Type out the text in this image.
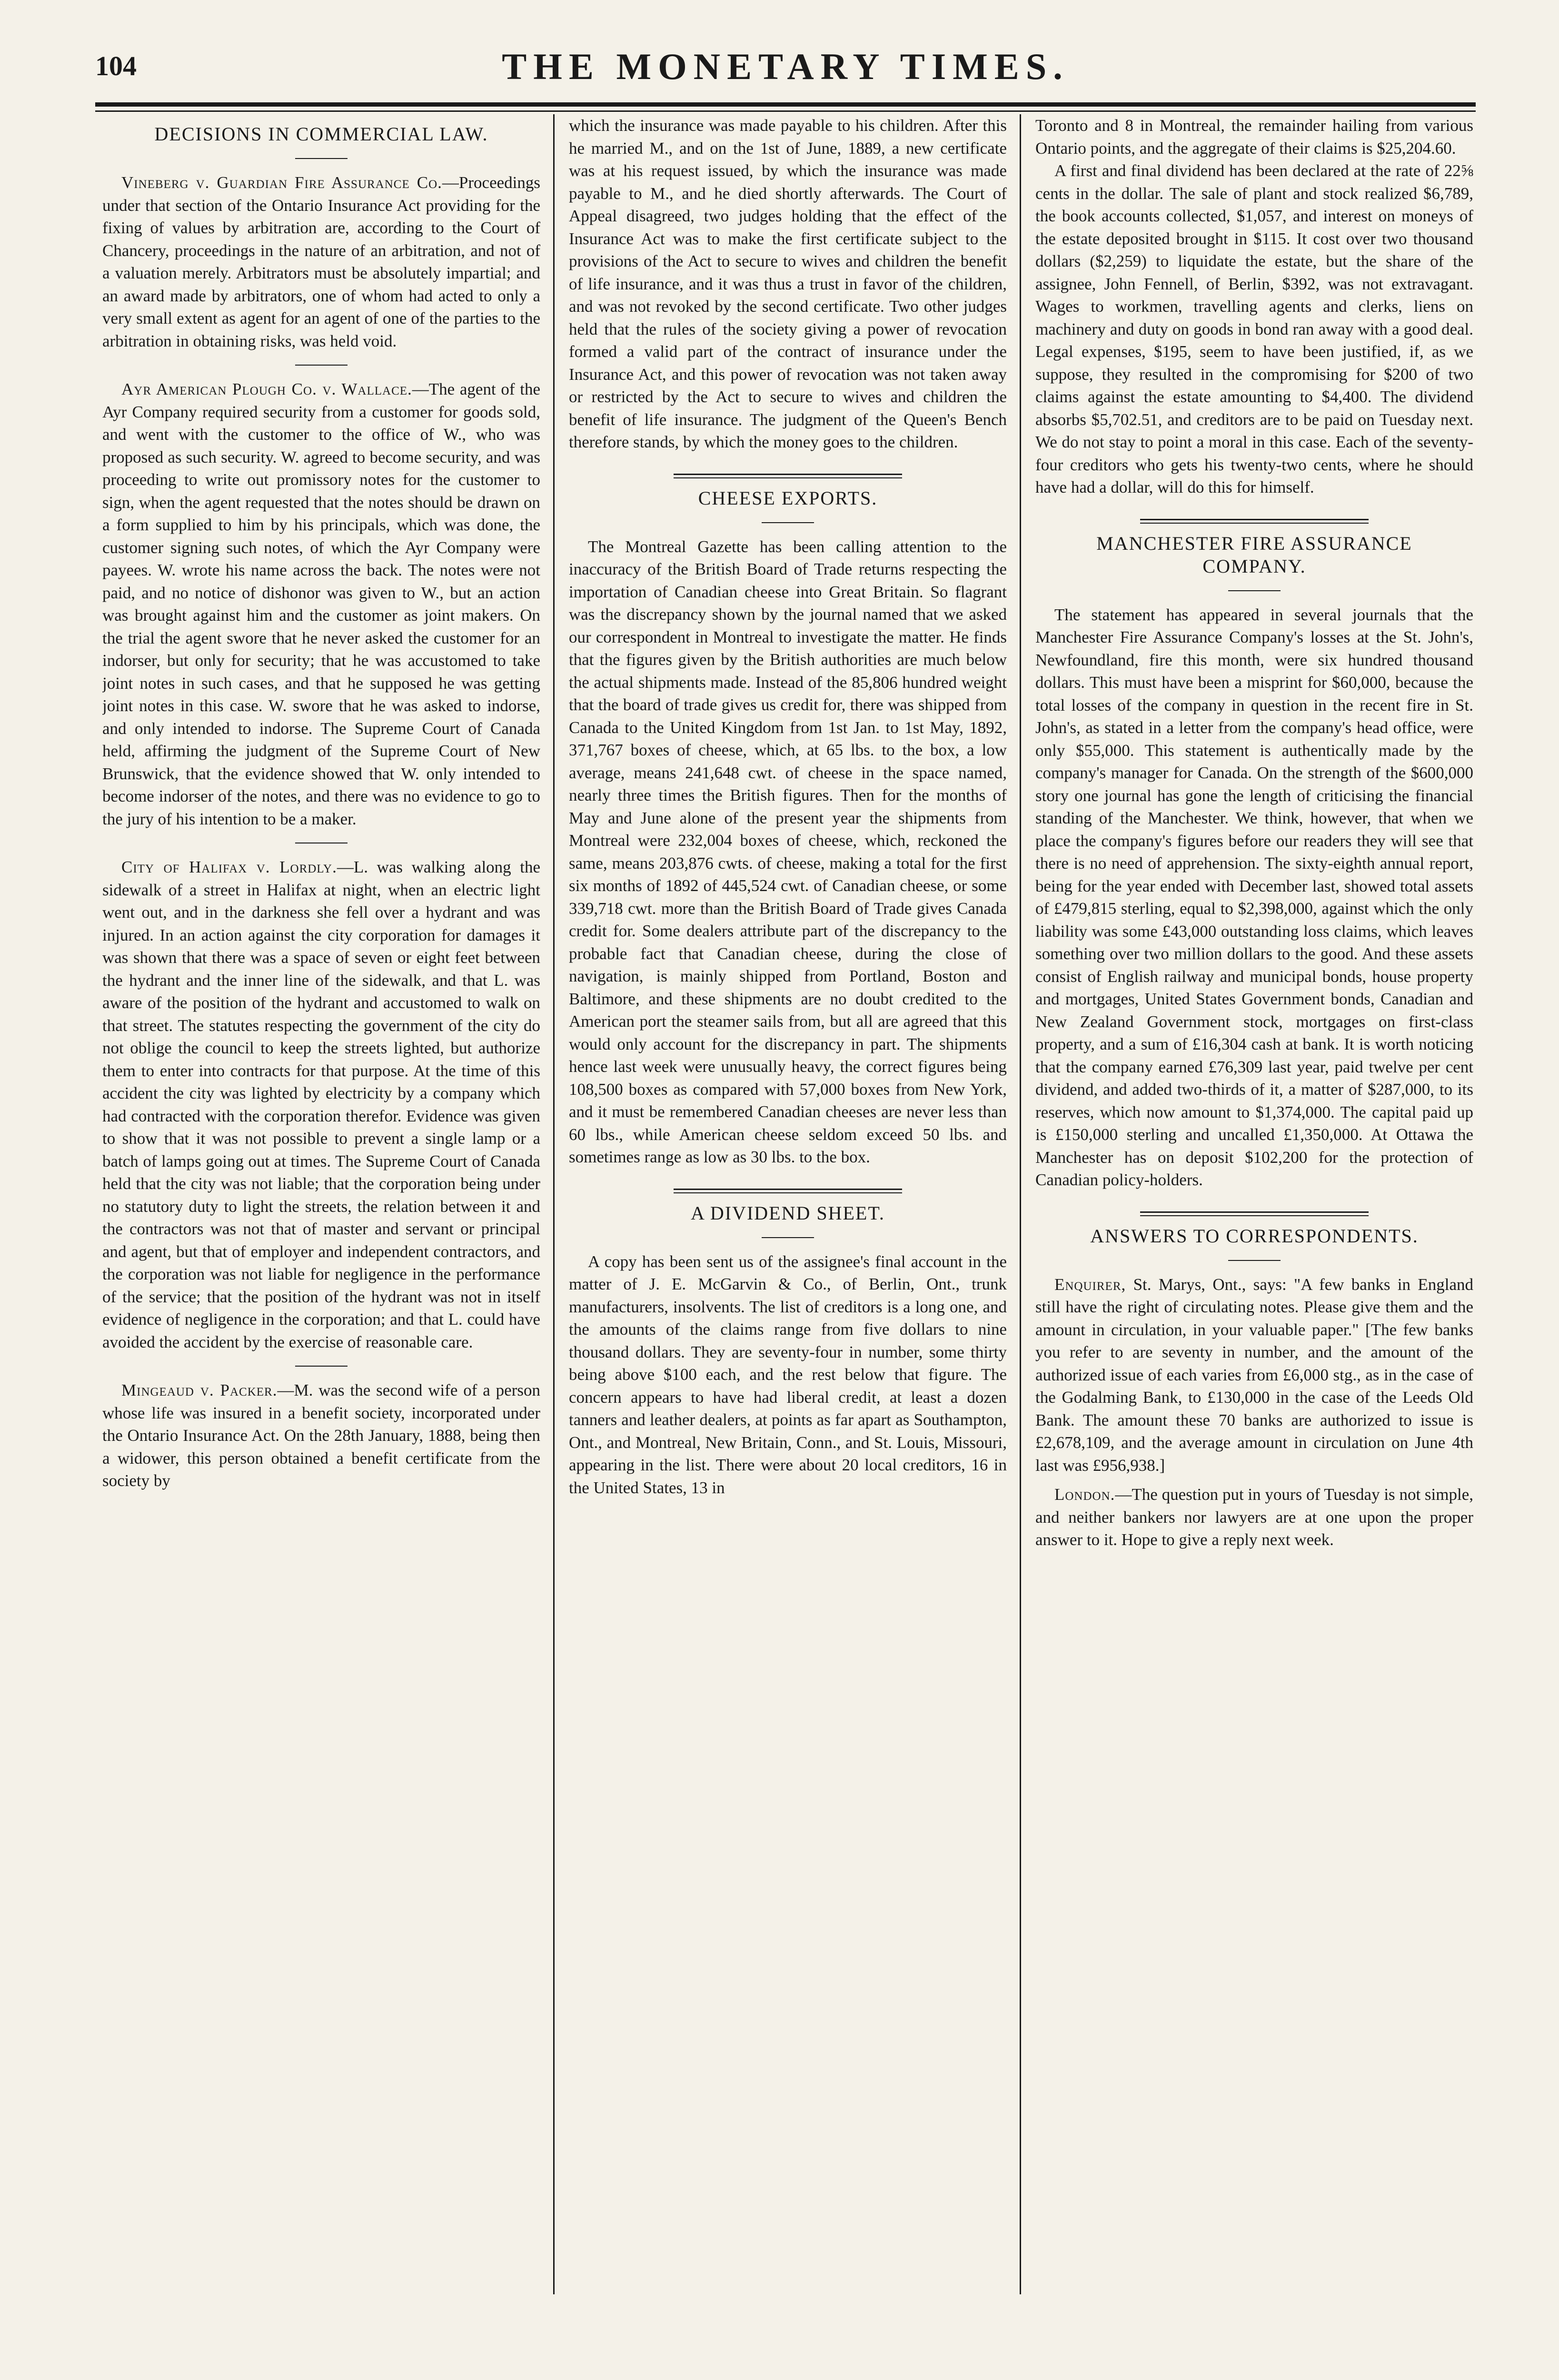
104	THE MONETARY TIMES.
DECISIONS IN COMMERCIAL LAW.

Vineberg v. Guardian Fire Assurance Co.—Proceedings under that section of the Ontario Insurance Act providing for the fixing of values by arbitration are, according to the Court of Chancery, proceedings in the nature of an arbitration, and not of a valuation merely. Arbitrators must be absolutely impartial; and an award made by arbitrators, one of whom had acted to only a very small extent as agent for an agent of one of the parties to the arbitration in obtaining risks, was held void.

Ayr American Plough Co. v. Wallace.—The agent of the Ayr Company required security from a customer for goods sold, and went with the customer to the office of W., who was proposed as such security. W. agreed to become security, and was proceeding to write out promissory notes for the customer to sign, when the agent requested that the notes should be drawn on a form supplied to him by his principals, which was done, the customer signing such notes, of which the Ayr Company were payees. W. wrote his name across the back. The notes were not paid, and no notice of dishonor was given to W., but an action was brought against him and the customer as joint makers. On the trial the agent swore that he never asked the customer for an indorser, but only for security; that he was accustomed to take joint notes in such cases, and that he supposed he was getting joint notes in this case. W. swore that he was asked to indorse, and only intended to indorse. The Supreme Court of Canada held, affirming the judgment of the Supreme Court of New Brunswick, that the evidence showed that W. only intended to become indorser of the notes, and there was no evidence to go to the jury of his intention to be a maker.

City of Halifax v. Lordly.—L. was walking along the sidewalk of a street in Halifax at night, when an electric light went out, and in the darkness she fell over a hydrant and was injured. In an action against the city corporation for damages it was shown that there was a space of seven or eight feet between the hydrant and the inner line of the sidewalk, and that L. was aware of the position of the hydrant and accustomed to walk on that street. The statutes respecting the government of the city do not oblige the council to keep the streets lighted, but authorize them to enter into contracts for that purpose. At the time of this accident the city was lighted by electricity by a company which had contracted with the corporation therefor. Evidence was given to show that it was not possible to prevent a single lamp or a batch of lamps going out at times. The Supreme Court of Canada held that the city was not liable; that the corporation being under no statutory duty to light the streets, the relation between it and the contractors was not that of master and servant or principal and agent, but that of employer and independent contractors, and the corporation was not liable for negligence in the performance of the service; that the position of the hydrant was not in itself evidence of negligence in the corporation; and that L. could have avoided the accident by the exercise of reasonable care.

Mingeaud v. Packer.—M. was the second wife of a person whose life was insured in a benefit society, incorporated under the Ontario Insurance Act. On the 28th January, 1888, being then a widower, this person obtained a benefit certificate from the society by

which the insurance was made payable to his children. After this he married M., and on the 1st of June, 1889, a new certificate was at his request issued, by which the insurance was made payable to M., and he died shortly afterwards. The Court of Appeal disagreed, two judges holding that the effect of the Insurance Act was to make the first certificate subject to the provisions of the Act to secure to wives and children the benefit of life insurance, and it was thus a trust in favor of the children, and was not revoked by the second certificate. Two other judges held that the rules of the society giving a power of revocation formed a valid part of the contract of insurance under the Insurance Act, and this power of revocation was not taken away or restricted by the Act to secure to wives and children the benefit of life insurance. The judgment of the Queen's Bench therefore stands, by which the money goes to the children.

CHEESE EXPORTS.

The Montreal Gazette has been calling attention to the inaccuracy of the British Board of Trade returns respecting the importation of Canadian cheese into Great Britain. So flagrant was the discrepancy shown by the journal named that we asked our correspondent in Montreal to investigate the matter. He finds that the figures given by the British authorities are much below the actual shipments made. Instead of the 85,806 hundred weight that the board of trade gives us credit for, there was shipped from Canada to the United Kingdom from 1st Jan. to 1st May, 1892, 371,767 boxes of cheese, which, at 65 lbs. to the box, a low average, means 241,648 cwt. of cheese in the space named, nearly three times the British figures. Then for the months of May and June alone of the present year the shipments from Montreal were 232,004 boxes of cheese, which, reckoned the same, means 203,876 cwts. of cheese, making a total for the first six months of 1892 of 445,524 cwt. of Canadian cheese, or some 339,718 cwt. more than the British Board of Trade gives Canada credit for. Some dealers attribute part of the discrepancy to the probable fact that Canadian cheese, during the close of navigation, is mainly shipped from Portland, Boston and Baltimore, and these shipments are no doubt credited to the American port the steamer sails from, but all are agreed that this would only account for the discrepancy in part. The shipments hence last week were unusually heavy, the correct figures being 108,500 boxes as compared with 57,000 boxes from New York, and it must be remembered Canadian cheeses are never less than 60 lbs., while American cheese seldom exceed 50 lbs. and sometimes range as low as 30 lbs. to the box.

A DIVIDEND SHEET.

A copy has been sent us of the assignee's final account in the matter of J. E. McGarvin & Co., of Berlin, Ont., trunk manufacturers, insolvents. The list of creditors is a long one, and the amounts of the claims range from five dollars to nine thousand dollars. They are seventy-four in number, some thirty being above $100 each, and the rest below that figure. The concern appears to have had liberal credit, at least a dozen tanners and leather dealers, at points as far apart as Southampton, Ont., and Montreal, New Britain, Conn., and St. Louis, Missouri, appearing in the list. There were about 20 local creditors, 16 in the United States, 13 in

Toronto and 8 in Montreal, the remainder hailing from various Ontario points, and the aggregate of their claims is $25,204.60.

A first and final dividend has been declared at the rate of 22⅝ cents in the dollar. The sale of plant and stock realized $6,789, the book accounts collected, $1,057, and interest on moneys of the estate deposited brought in $115. It cost over two thousand dollars ($2,259) to liquidate the estate, but the share of the assignee, John Fennell, of Berlin, $392, was not extravagant. Wages to workmen, travelling agents and clerks, liens on machinery and duty on goods in bond ran away with a good deal. Legal expenses, $195, seem to have been justified, if, as we suppose, they resulted in the compromising for $200 of two claims against the estate amounting to $4,400. The dividend absorbs $5,702.51, and creditors are to be paid on Tuesday next. We do not stay to point a moral in this case. Each of the seventy-four creditors who gets his twenty-two cents, where he should have had a dollar, will do this for himself.

MANCHESTER FIRE ASSURANCE
COMPANY.

The statement has appeared in several journals that the Manchester Fire Assurance Company's losses at the St. John's, Newfoundland, fire this month, were six hundred thousand dollars. This must have been a misprint for $60,000, because the total losses of the company in question in the recent fire in St. John's, as stated in a letter from the company's head office, were only $55,000. This statement is authentically made by the company's manager for Canada. On the strength of the $600,000 story one journal has gone the length of criticising the financial standing of the Manchester. We think, however, that when we place the company's figures before our readers they will see that there is no need of apprehension. The sixty-eighth annual report, being for the year ended with December last, showed total assets of £479,815 sterling, equal to $2,398,000, against which the only liability was some £43,000 outstanding loss claims, which leaves something over two million dollars to the good. And these assets consist of English railway and municipal bonds, house property and mortgages, United States Government bonds, Canadian and New Zealand Government stock, mortgages on first-class property, and a sum of £16,304 cash at bank. It is worth noticing that the company earned £76,309 last year, paid twelve per cent dividend, and added two-thirds of it, a matter of $287,000, to its reserves, which now amount to $1,374,000. The capital paid up is £150,000 sterling and uncalled £1,350,000. At Ottawa the Manchester has on deposit $102,200 for the protection of Canadian policy-holders.

ANSWERS TO CORRESPONDENTS.

Enquirer, St. Marys, Ont., says: "A few banks in England still have the right of circulating notes. Please give them and the amount in circulation, in your valuable paper." [The few banks you refer to are seventy in number, and the amount of the authorized issue of each varies from £6,000 stg., as in the case of the Godalming Bank, to £130,000 in the case of the Leeds Old Bank. The amount these 70 banks are authorized to issue is £2,678,109, and the average amount in circulation on June 4th last was £956,938.]

London.—The question put in yours of Tuesday is not simple, and neither bankers nor lawyers are at one upon the proper answer to it. Hope to give a reply next week.
